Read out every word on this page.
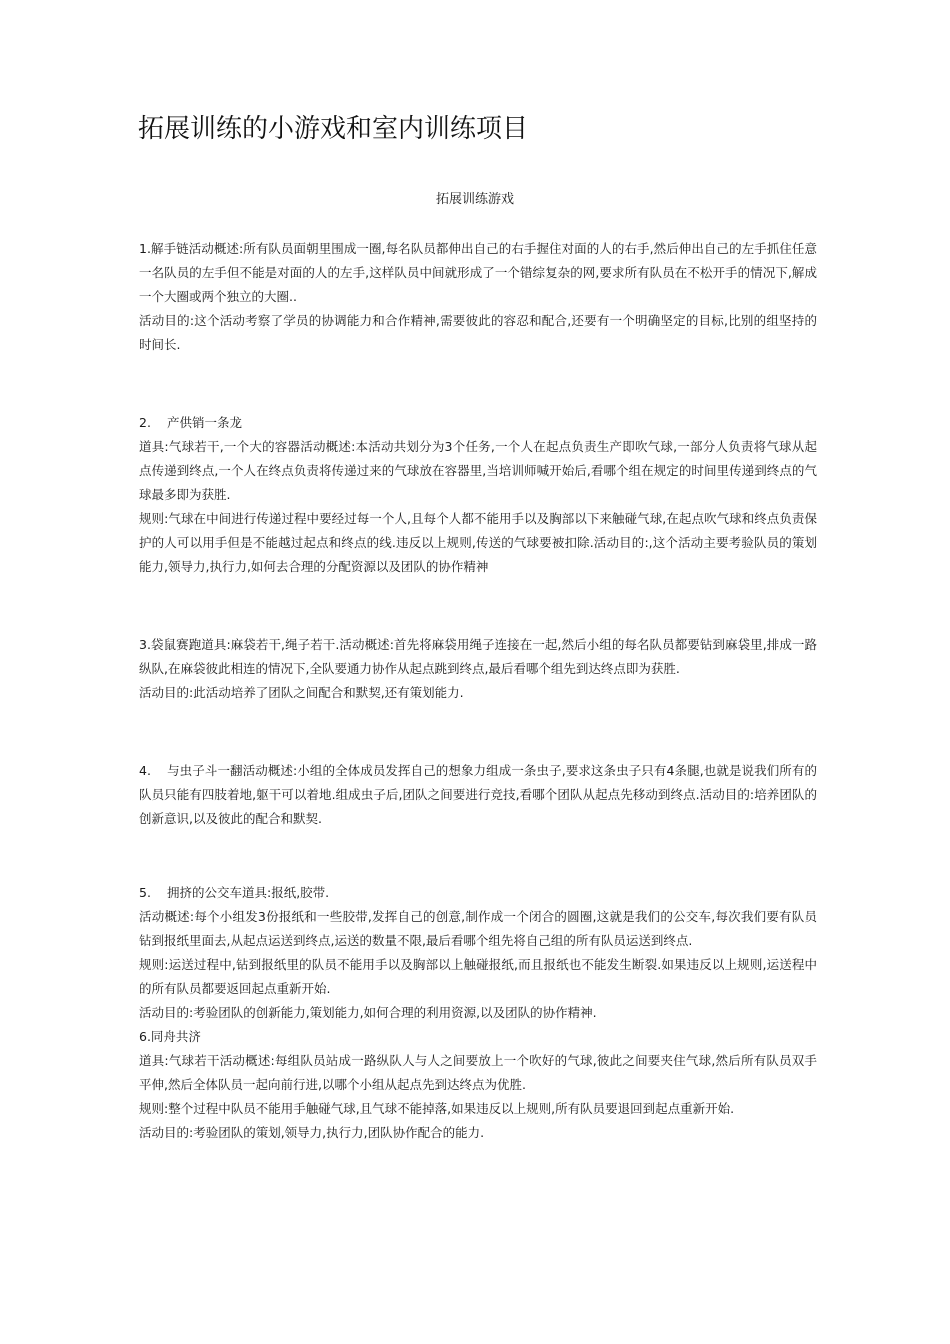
拓展训练的小游戏和室内训练项目
拓展训练游戏

1.解手链活动概述:所有队员面朝里围成一圈,每名队员都伸出自己的右手握住对面的人的右手,然后伸出自己的左手抓住任意一名队员的左手但不能是对面的人的左手,这样队员中间就形成了一个错综复杂的网,要求所有队员在不松开手的情况下,解成一个大圈或两个独立的大圈..

活动目的:这个活动考察了学员的协调能力和合作精神,需要彼此的容忍和配合,还要有一个明确坚定的目标,比别的组坚持的时间长.

2. 产供销一条龙

道具:气球若干,一个大的容器活动概述:本活动共划分为3个任务,一个人在起点负责生产即吹气球,一部分人负责将气球从起点传递到终点,一个人在终点负责将传递过来的气球放在容器里,当培训师喊开始后,看哪个组在规定的时间里传递到终点的气球最多即为获胜.

规则:气球在中间进行传递过程中要经过每一个人,且每个人都不能用手以及胸部以下来触碰气球,在起点吹气球和终点负责保护的人可以用手但是不能越过起点和终点的线.违反以上规则,传送的气球要被扣除.活动目的:,这个活动主要考验队员的策划能力,领导力,执行力,如何去合理的分配资源以及团队的协作精神

3.袋鼠赛跑道具:麻袋若干,绳子若干.活动概述:首先将麻袋用绳子连接在一起,然后小组的每名队员都要钻到麻袋里,排成一路纵队,在麻袋彼此相连的情况下,全队要通力协作从起点跳到终点,最后看哪个组先到达终点即为获胜.

活动目的:此活动培养了团队之间配合和默契,还有策划能力.

4. 与虫子斗一翻活动概述:小组的全体成员发挥自己的想象力组成一条虫子,要求这条虫子只有4条腿,也就是说我们所有的队员只能有四肢着地,躯干可以着地.组成虫子后,团队之间要进行竞技,看哪个团队从起点先移动到终点.活动目的:培养团队的创新意识,以及彼此的配合和默契.

5. 拥挤的公交车道具:报纸,胶带.

活动概述:每个小组发3份报纸和一些胶带,发挥自己的创意,制作成一个闭合的圆圈,这就是我们的公交车,每次我们要有队员钻到报纸里面去,从起点运送到终点,运送的数量不限,最后看哪个组先将自己组的所有队员运送到终点.

规则:运送过程中,钻到报纸里的队员不能用手以及胸部以上触碰报纸,而且报纸也不能发生断裂.如果违反以上规则,运送程中的所有队员都要返回起点重新开始.

活动目的:考验团队的创新能力,策划能力,如何合理的利用资源,以及团队的协作精神.

6.同舟共济

道具:气球若干活动概述:每组队员站成一路纵队人与人之间要放上一个吹好的气球,彼此之间要夹住气球,然后所有队员双手平伸,然后全体队员一起向前行进,以哪个小组从起点先到达终点为优胜.

规则:整个过程中队员不能用手触碰气球,且气球不能掉落,如果违反以上规则,所有队员要退回到起点重新开始.

活动目的:考验团队的策划,领导力,执行力,团队协作配合的能力.
